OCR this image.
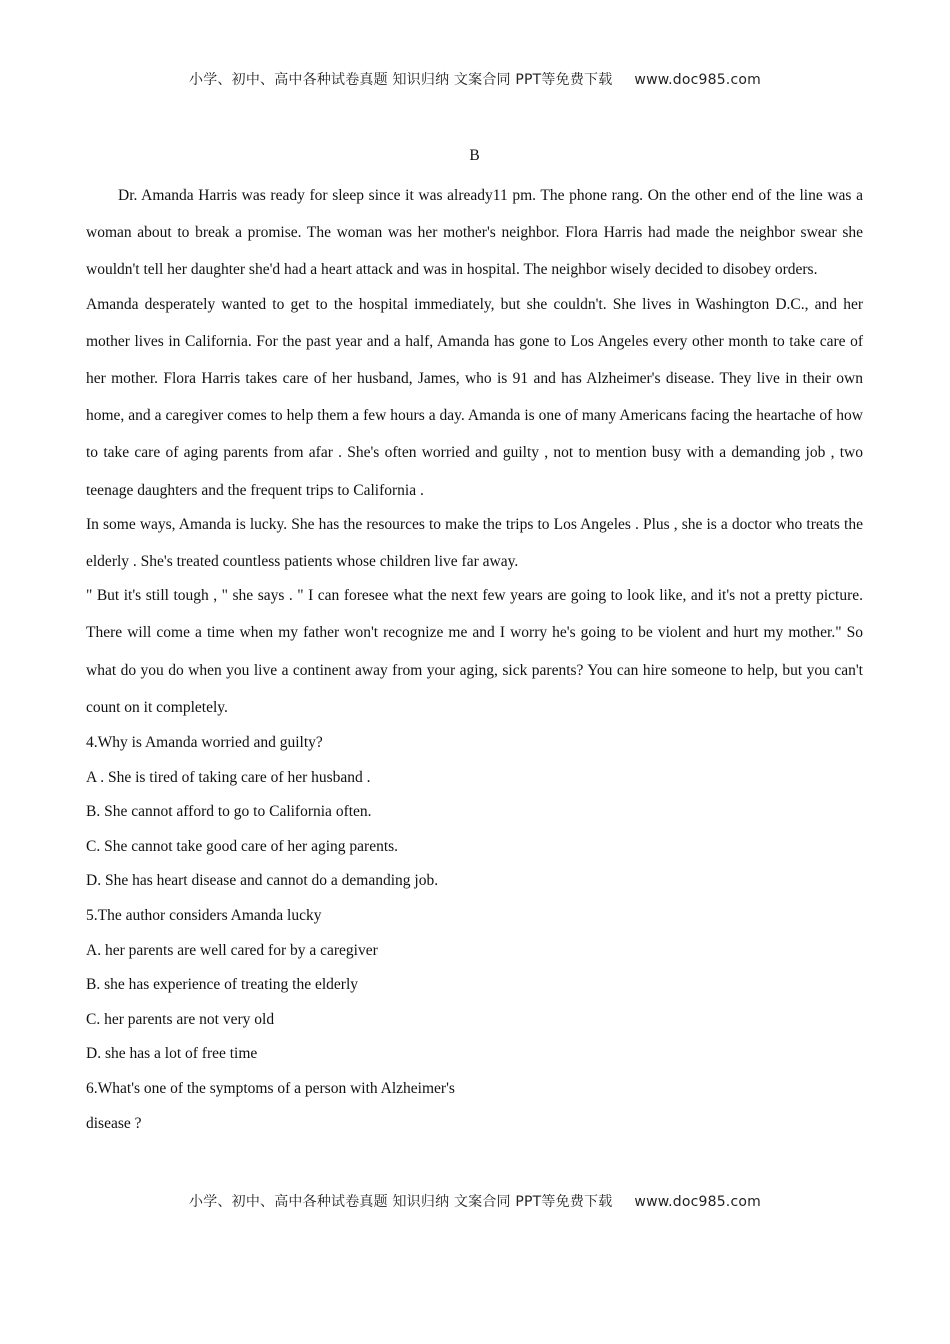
小学、初中、高中各种试卷真题 知识归纳 文案合同 PPT等免费下载 www.doc985.com
B

Dr. Amanda Harris was ready for sleep since it was already11 pm. The phone rang. On the other end of the line was a woman about to break a promise. The woman was her mother's neighbor. Flora Harris had made the neighbor swear she wouldn't tell her daughter she'd had a heart attack and was in hospital. The neighbor wisely decided to disobey orders.

Amanda desperately wanted to get to the hospital immediately, but she couldn't. She lives in Washington D.C., and her mother lives in California. For the past year and a half, Amanda has gone to Los Angeles every other month to take care of her mother. Flora Harris takes care of her husband, James, who is 91 and has Alzheimer's disease. They live in their own home, and a caregiver comes to help them a few hours a day. Amanda is one of many Americans facing the heartache of how to take care of aging parents from afar . She's often worried and guilty , not to mention busy with a demanding job , two teenage daughters and the frequent trips to California .

In some ways, Amanda is lucky. She has the resources to make the trips to Los Angeles . Plus , she is a doctor who treats the elderly . She's treated countless patients whose children live far away.

" But it's still tough , " she says . " I can foresee what the next few years are going to look like, and it's not a pretty picture. There will come a time when my father won't recognize me and I worry he's going to be violent and hurt my mother." So what do you do when you live a continent away from your aging, sick parents? You can hire someone to help, but you can't count on it completely.

4.Why is Amanda worried and guilty?

A . She is tired of taking care of her husband .

B. She cannot afford to go to California often.

C. She cannot take good care of her aging parents.

D. She has heart disease and cannot do a demanding job.

5.The author considers Amanda lucky

A. her parents are well cared for by a caregiver

B. she has experience of treating the elderly

C. her parents are not very old

D. she has a lot of free time

6.What's one of the symptoms of a person with Alzheimer's

disease ?

小学、初中、高中各种试卷真题 知识归纳 文案合同 PPT等免费下载 www.doc985.com
